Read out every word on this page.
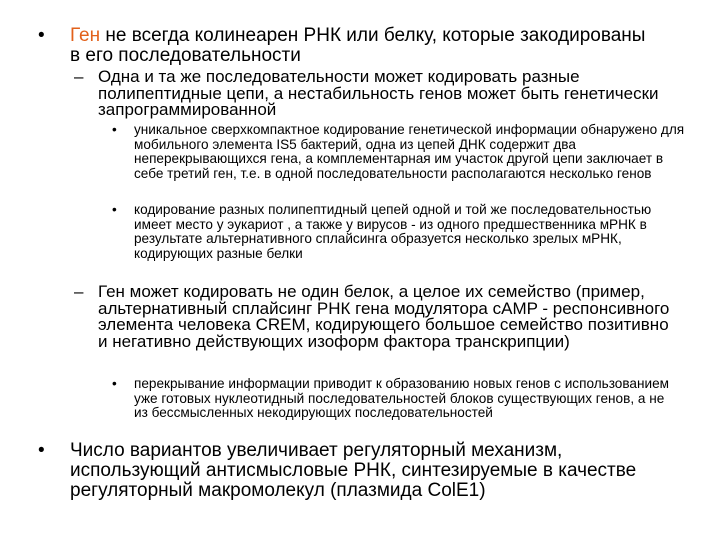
• Ген не всегда колинеарен РНК или белку, которые закодированы в его последовательности
– Одна и та же последовательности может кодировать разные полипептидные цепи, а нестабильность генов может быть генетически запрограммированной
• уникальное сверхкомпактное кодирование генетической информации обнаружено для мобильного элемента IS5 бактерий, одна из цепей ДНК содержит два неперекрывающихся гена, а комплементарная им участок другой цепи заключает в себе третий ген, т.е. в одной последовательности располагаются несколько генов
• кодирование разных полипептидный цепей одной и той же последовательностью имеет место у эукариот , а также у вирусов - из одного предшественника мРНК в результате альтернативного сплайсинга образуется несколько зрелых мРНК, кодирующих разные белки
– Ген может кодировать не один белок, а целое их семейство (пример, альтернативный сплайсинг РНК гена модулятора cAMP - респонсивного элемента человека CREM, кодирующего большое семейство позитивно и негативно действующих изоформ фактора транскрипции)
• перекрывание информации приводит к образованию новых генов с использованием уже готовых нуклеотидный последовательностей блоков существующих генов, а не из бессмысленных некодирующих последовательностей
• Число вариантов увеличивает регуляторный механизм, использующий антисмысловые РНК, синтезируемые в качестве регуляторный макромолекул (плазмида ColE1)
